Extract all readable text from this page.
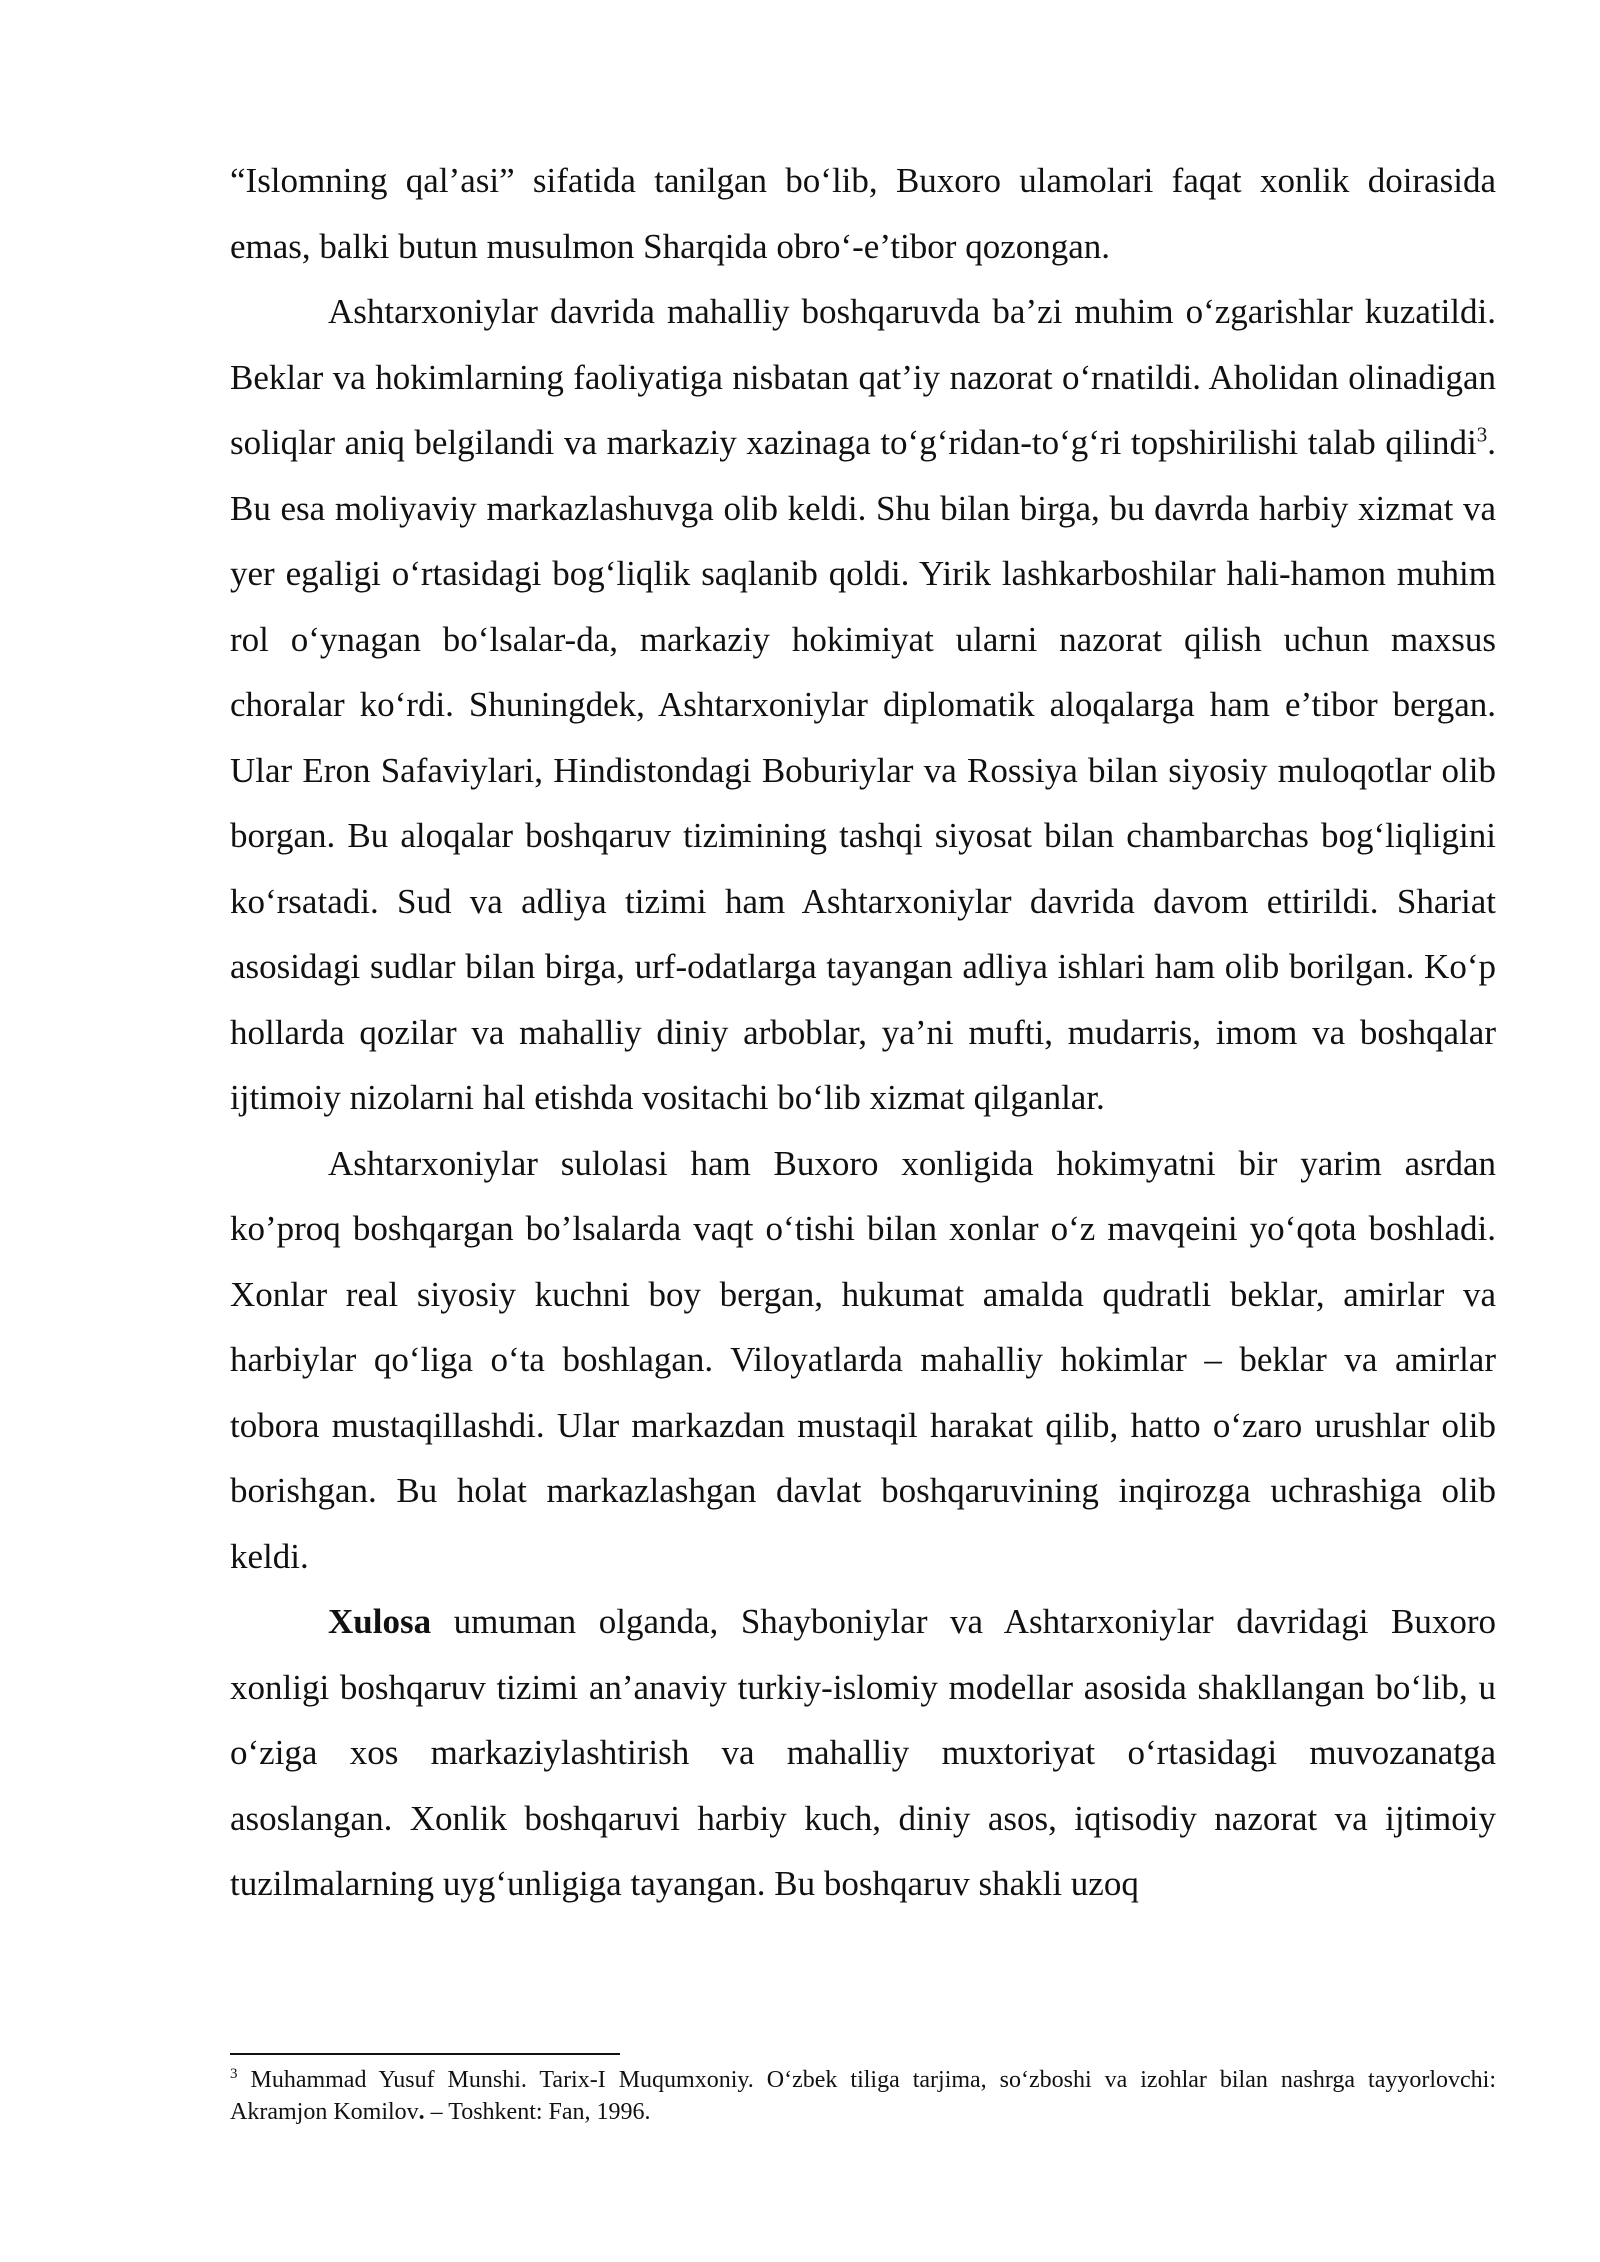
“Islomning qal’asi” sifatida tanilgan bo‘lib, Buxoro ulamolari faqat xonlik doirasida emas, balki butun musulmon Sharqida obro‘-e’tibor qozongan.

Ashtarxoniylar davrida mahalliy boshqaruvda ba’zi muhim o‘zgarishlar kuzatildi. Beklar va hokimlarning faoliyatiga nisbatan qat’iy nazorat o‘rnatildi. Aholidan olinadigan soliqlar aniq belgilandi va markaziy xazinaga to‘g‘ridan-to‘g‘ri topshirilishi talab qilindi$^3$. Bu esa moliyaviy markazlashuvga olib keldi. Shu bilan birga, bu davrda harbiy xizmat va yer egaligi o‘rtasidagi bog‘liqlik saqlanib qoldi. Yirik lashkarboshilar hali-hamon muhim rol o‘ynagan bo‘lsalar-da, markaziy hokimiyat ularni nazorat qilish uchun maxsus choralar ko‘rdi. Shuningdek, Ashtarxoniylar diplomatik aloqalarga ham e’tibor bergan. Ular Eron Safaviylari, Hindistondagi Boburiylar va Rossiya bilan siyosiy muloqotlar olib borgan. Bu aloqalar boshqaruv tizimining tashqi siyosat bilan chambarchas bog‘liqligini ko‘rsatadi. Sud va adliya tizimi ham Ashtarxoniylar davrida davom ettirildi. Shariat asosidagi sudlar bilan birga, urf-odatlarga tayangan adliya ishlari ham olib borilgan. Ko‘p hollarda qozilar va mahalliy diniy arboblar, ya’ni mufti, mudarris, imom va boshqalar ijtimoiy nizolarni hal etishda vositachi bo‘lib xizmat qilganlar.

Ashtarxoniylar sulolasi ham Buxoro xonligida hokimyatni bir yarim asrdan ko’proq boshqargan bo’lsalarda vaqt o‘tishi bilan xonlar o‘z mavqeini yo‘qota boshladi. Xonlar real siyosiy kuchni boy bergan, hukumat amalda qudratli beklar, amirlar va harbiylar qo‘liga o‘ta boshlagan. Viloyatlarda mahalliy hokimlar – beklar va amirlar tobora mustaqillashdi. Ular markazdan mustaqil harakat qilib, hatto o‘zaro urushlar olib borishgan. Bu holat markazlashgan davlat boshqaruvining inqirozga uchrashiga olib keldi.

Xulosa umuman olganda, Shayboniylar va Ashtarxoniylar davridagi Buxoro xonligi boshqaruv tizimi an’anaviy turkiy-islomiy modellar asosida shakllangan bo‘lib, u o‘ziga xos markaziylashtirish va mahalliy muxtoriyat o‘rtasidagi muvozanatga asoslangan. Xonlik boshqaruvi harbiy kuch, diniy asos, iqtisodiy nazorat va ijtimoiy tuzilmalarning uyg‘unligiga tayangan. Bu boshqaruv shakli uzoq

$^3$ Muhammad Yusuf Munshi. Tarix-I Muqumxoniy. O‘zbek tiligа tarjima, so‘zboshi va izohlar bilan nashrga tayyorlovchi: Akramjon Komilov. – Toshkent: Fan, 1996.
